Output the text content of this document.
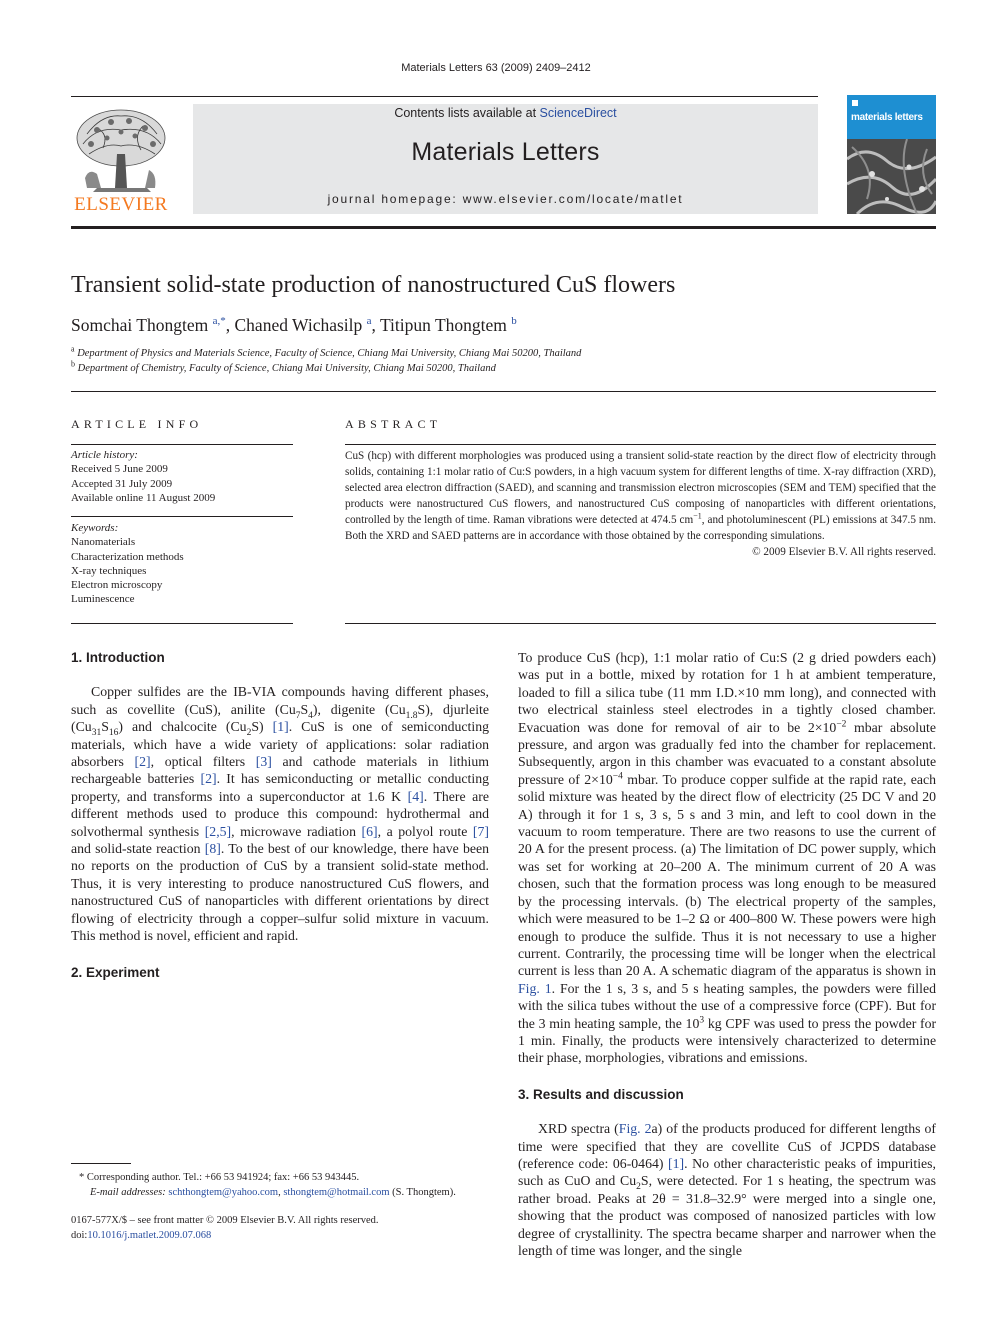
Materials Letters 63 (2009) 2409–2412
ELSEVIER
Contents lists available at ScienceDirect
Materials Letters
journal homepage: www.elsevier.com/locate/matlet
materials letters
Transient solid-state production of nanostructured CuS flowers
Somchai Thongtem $^{a,*}$, Chaned Wichasilp $^a$, Titipun Thongtem $^b$
$^a$ Department of Physics and Materials Science, Faculty of Science, Chiang Mai University, Chiang Mai 50200, Thailand
$^b$ Department of Chemistry, Faculty of Science, Chiang Mai University, Chiang Mai 50200, Thailand
ARTICLE INFO
Article history:
Received 5 June 2009
Accepted 31 July 2009
Available online 11 August 2009
Keywords:
Nanomaterials
Characterization methods
X-ray techniques
Electron microscopy
Luminescence
ABSTRACT
CuS (hcp) with different morphologies was produced using a transient solid-state reaction by the direct flow of electricity through solids, containing 1:1 molar ratio of Cu:S powders, in a high vacuum system for different lengths of time. X-ray diffraction (XRD), selected area electron diffraction (SAED), and scanning and transmission electron microscopies (SEM and TEM) specified that the products were nanostructured CuS flowers, and nanostructured CuS composing of nanoparticles with different orientations, controlled by the length of time. Raman vibrations were detected at 474.5 $cm^{-1}$, and photoluminescent (PL) emissions at 347.5 nm. Both the XRD and SAED patterns are in accordance with those obtained by the corresponding simulations.
© 2009 Elsevier B.V. All rights reserved.
1. Introduction

Copper sulfides are the IB-VIA compounds having different phases, such as covellite (CuS), anilite $(Cu_7S_4)$, digenite $(Cu_{1.8}S)$, djurleite $(Cu_{31}S_{16})$ and chalcocite $(Cu_2S)$ [1]. CuS is one of semiconducting materials, which have a wide variety of applications: solar radiation absorbers [2], optical filters [3] and cathode materials in lithium rechargeable batteries [2]. It has semiconducting or metallic conducting property, and transforms into a superconductor at 1.6 K [4]. There are different methods used to produce this compound: hydrothermal and solvothermal synthesis [2,5], microwave radiation [6], a polyol route [7] and solid-state reaction [8]. To the best of our knowledge, there have been no reports on the production of CuS by a transient solid-state method. Thus, it is very interesting to produce nanostructured CuS flowers, and nanostructured CuS of nanoparticles with different orientations by direct flowing of electricity through a copper–sulfur solid mixture in vacuum. This method is novel, efficient and rapid.

2. Experiment

To produce CuS (hcp), 1:1 molar ratio of Cu:S (2 g dried powders each) was put in a bottle, mixed by rotation for 1 h at ambient temperature, loaded to fill a silica tube (11 mm I.D.×10 mm long), and connected with two electrical stainless steel electrodes in a tightly closed chamber. Evacuation was done for removal of air to be $2\times 10^{-2}$ mbar absolute pressure, and argon was gradually fed into the chamber for replacement. Subsequently, argon in this chamber was evacuated to a constant absolute pressure of $2\times 10^{-4}$ mbar. To produce copper sulfide at the rapid rate, each solid mixture was heated by the direct flow of electricity (25 DC V and 20 A) through it for 1 s, 3 s, 5 s and 3 min, and left to cool down in the vacuum to room temperature. There are two reasons to use the current of 20 A for the present process. (a) The limitation of DC power supply, which was set for working at 20–200 A. The minimum current of 20 A was chosen, such that the formation process was long enough to be measured by the processing intervals. (b) The electrical property of the samples, which were measured to be 1–2 Ω or 400–800 W. These powers were high enough to produce the sulfide. Thus it is not necessary to use a higher current. Contrarily, the processing time will be longer when the electrical current is less than 20 A. A schematic diagram of the apparatus is shown in Fig. 1. For the 1 s, 3 s, and 5 s heating samples, the powders were filled with the silica tubes without the use of a compressive force (CPF). But for the 3 min heating sample, the $10^3$ kg CPF was used to press the powder for 1 min. Finally, the products were intensively characterized to determine their phase, morphologies, vibrations and emissions.
3. Results and discussion

XRD spectra (Fig. 2a) of the products produced for different lengths of time were specified that they are covellite CuS of JCPDS database (reference code: 06-0464) [1]. No other characteristic peaks of impurities, such as CuO and $Cu_2S$, were detected. For 1 s heating, the spectrum was rather broad. Peaks at 2θ = 31.8–32.9° were merged into a single one, showing that the product was composed of nanosized particles with low degree of crystallinity. The spectra became sharper and narrower when the length of time was longer, and the single

* Corresponding author. Tel.: +66 53 941924; fax: +66 53 943445.
E-mail addresses: schthongtem@yahoo.com, sthongtem@hotmail.com (S. Thongtem).
0167-577X/$ – see front matter © 2009 Elsevier B.V. All rights reserved.
doi:10.1016/j.matlet.2009.07.068
